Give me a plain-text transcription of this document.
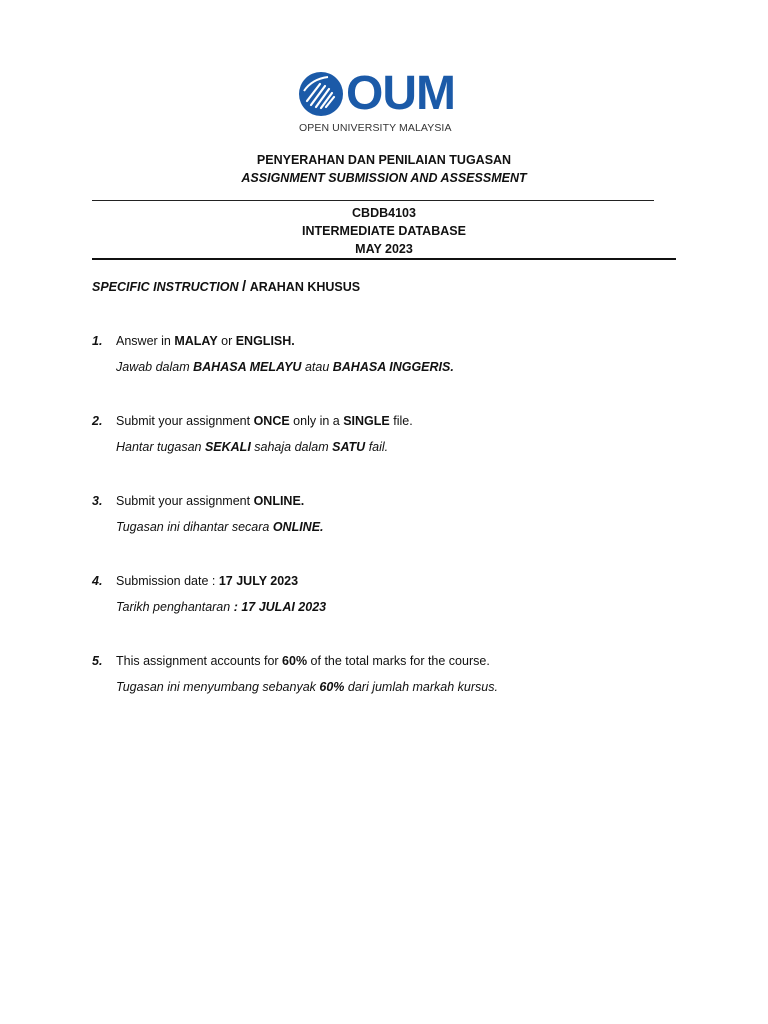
OUM
OPEN UNIVERSITY MALAYSIA
PENYERAHAN DAN PENILAIAN TUGASAN
ASSIGNMENT SUBMISSION AND ASSESSMENT
CBDB4103
INTERMEDIATE DATABASE
MAY 2023
SPECIFIC INSTRUCTION / ARAHAN KHUSUS
1. Answer in MALAY or ENGLISH.
Jawab dalam BAHASA MELAYU atau BAHASA INGGERIS.
2. Submit your assignment ONCE only in a SINGLE file.
Hantar tugasan SEKALI sahaja dalam SATU fail.
3. Submit your assignment ONLINE.
Tugasan ini dihantar secara ONLINE.
4. Submission date : 17 JULY 2023
Tarikh penghantaran : 17 JULAI 2023
5. This assignment accounts for 60% of the total marks for the course.
Tugasan ini menyumbang sebanyak 60% dari jumlah markah kursus.
